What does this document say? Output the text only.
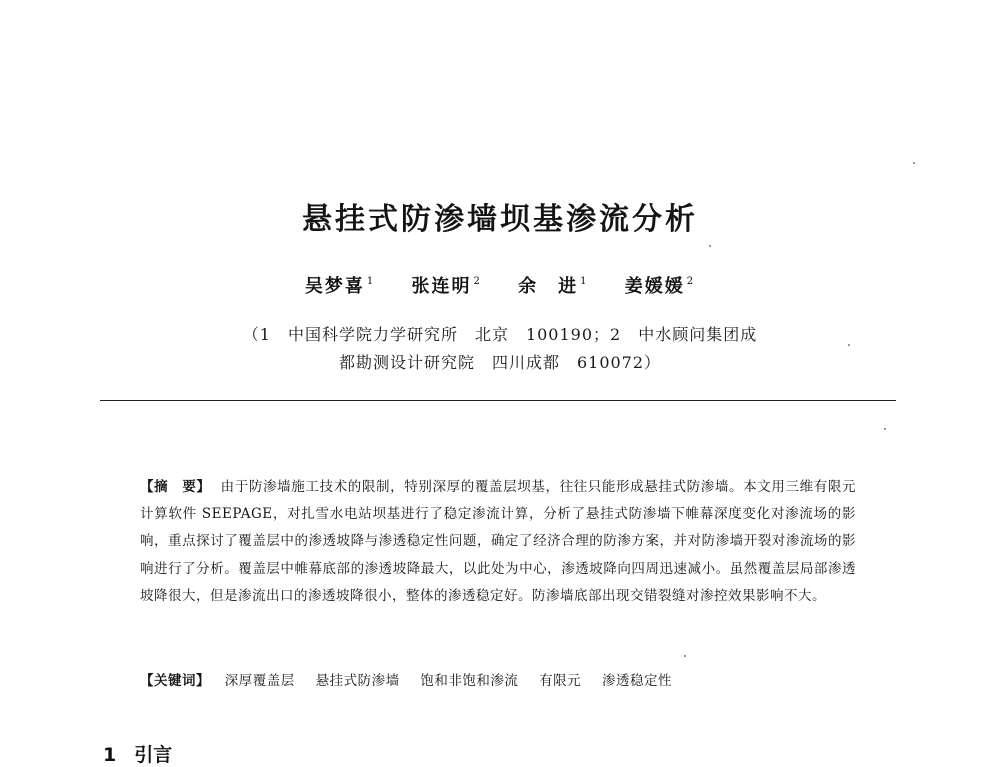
悬挂式防渗墙坝基渗流分析
吴梦喜 $^1$ 张连明 $^2$ 余　进 $^1$ 姜媛媛 $^2$
（1　中国科学院力学研究所　北京　100190；2　中水顾问集团成
都勘测设计研究院　四川成都　610072）
【摘　要】 由于防渗墙施工技术的限制，特别深厚的覆盖层坝基，往往只能形成悬挂式防渗墙。本文用三维有限元计算软件 SEEPAGE，对扎雪水电站坝基进行了稳定渗流计算，分析了悬挂式防渗墙下帷幕深度变化对渗流场的影响，重点探讨了覆盖层中的渗透坡降与渗透稳定性问题，确定了经济合理的防渗方案，并对防渗墙开裂对渗流场的影响进行了分析。覆盖层中帷幕底部的渗透坡降最大，以此处为中心，渗透坡降向四周迅速减小。虽然覆盖层局部渗透坡降很大，但是渗流出口的渗透坡降很小，整体的渗透稳定好。防渗墙底部出现交错裂缝对渗控效果影响不大。
【关键词】 深厚覆盖层 悬挂式防渗墙 饱和非饱和渗流 有限元 渗透稳定性
1 引言
